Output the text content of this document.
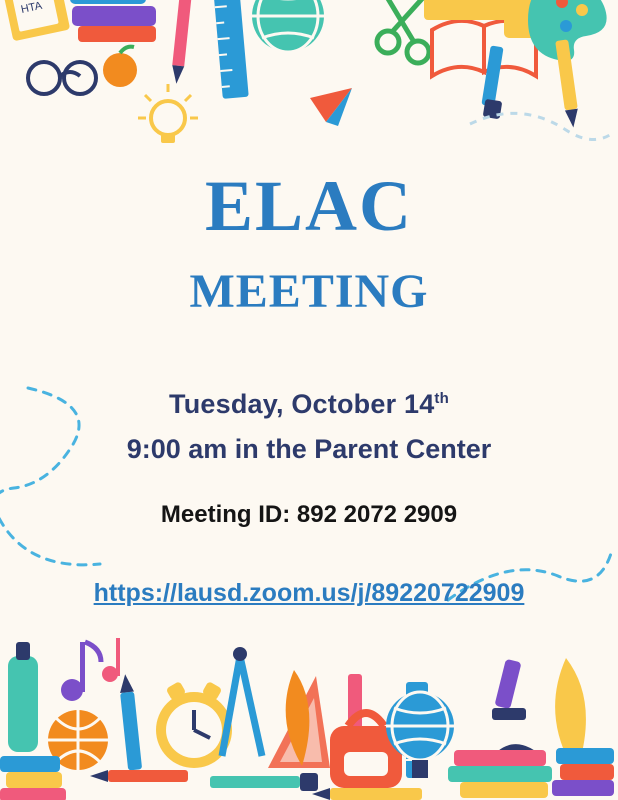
HTA
ELAC
MEETING
Tuesday, October 14th
9:00 am in the Parent Center
Meeting ID: 892 2072 2909
https://lausd.zoom.us/j/89220722909
